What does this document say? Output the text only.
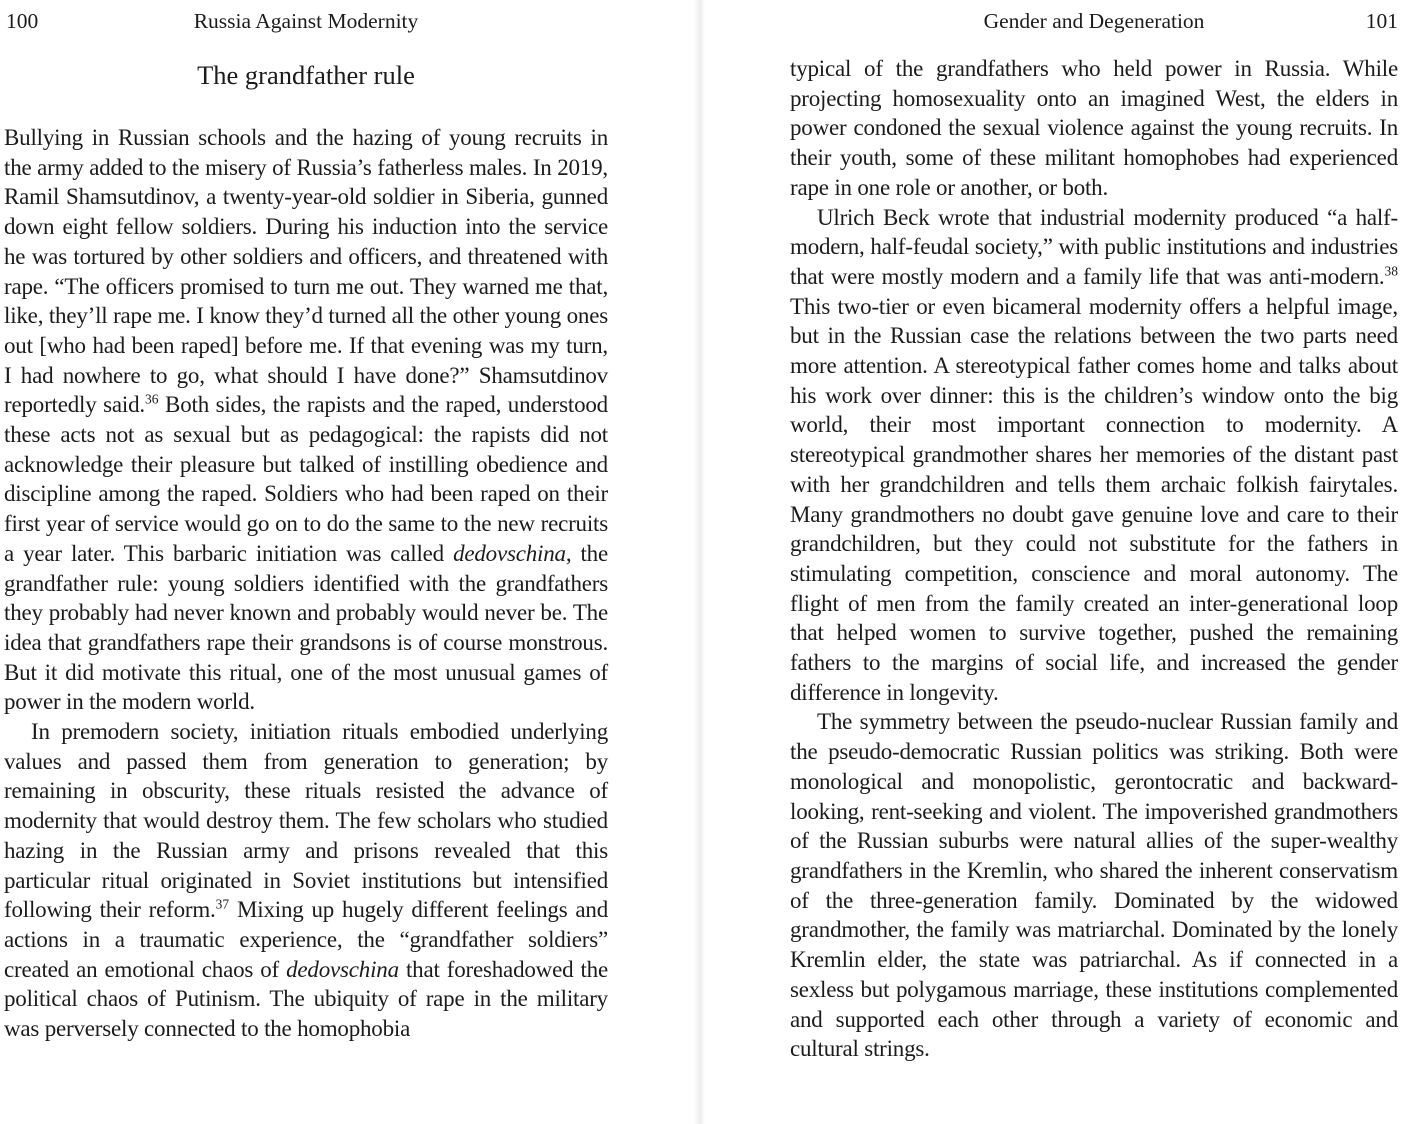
100	Russia Against Modernity
The grandfather rule

Bullying in Russian schools and the hazing of young recruits in the army added to the misery of Russia’s fatherless males. In 2019, Ramil Shamsutdinov, a twenty-year-old soldier in Siberia, gunned down eight fellow soldiers. During his induction into the service he was tortured by other soldiers and officers, and threatened with rape. “The officers promised to turn me out. They warned me that, like, they’ll rape me. I know they’d turned all the other young ones out [who had been raped] before me. If that evening was my turn, I had nowhere to go, what should I have done?” Shamsutdinov reportedly said.$^{36}$ Both sides, the rapists and the raped, understood these acts not as sexual but as pedagogical: the rapists did not acknowledge their pleasure but talked of instilling obedience and discipline among the raped. Soldiers who had been raped on their first year of service would go on to do the same to the new recruits a year later. This barbaric initiation was called dedovschina, the grandfather rule: young soldiers identified with the grandfathers they probably had never known and probably would never be. The idea that grandfathers rape their grandsons is of course monstrous. But it did motivate this ritual, one of the most unusual games of power in the modern world.

In premodern society, initiation rituals embodied underlying values and passed them from generation to generation; by remaining in obscurity, these rituals resisted the advance of modernity that would destroy them. The few scholars who studied hazing in the Russian army and prisons revealed that this particular ritual originated in Soviet institutions but intensified following their reform.$^{37}$ Mixing up hugely different feelings and actions in a traumatic experience, the “grandfather soldiers” created an emotional chaos of dedovschina that foreshadowed the political chaos of Putinism. The ubiquity of rape in the military was perversely connected to the homophobia

Gender and Degeneration	101

typical of the grandfathers who held power in Russia. While projecting homosexuality onto an imagined West, the elders in power condoned the sexual violence against the young recruits. In their youth, some of these militant homophobes had experienced rape in one role or another, or both.

Ulrich Beck wrote that industrial modernity produced “a half-modern, half-feudal society,” with public institutions and industries that were mostly modern and a family life that was anti-modern.$^{38}$ This two-tier or even bicameral modernity offers a helpful image, but in the Russian case the relations between the two parts need more attention. A stereotypical father comes home and talks about his work over dinner: this is the children’s window onto the big world, their most important connection to modernity. A stereotypical grandmother shares her memories of the distant past with her grandchildren and tells them archaic folkish fairytales. Many grandmothers no doubt gave genuine love and care to their grandchildren, but they could not substitute for the fathers in stimulating competition, conscience and moral autonomy. The flight of men from the family created an inter-generational loop that helped women to survive together, pushed the remaining fathers to the margins of social life, and increased the gender difference in longevity.

The symmetry between the pseudo-nuclear Russian family and the pseudo-democratic Russian politics was striking. Both were monological and monopolistic, gerontocratic and backward-looking, rent-seeking and violent. The impoverished grandmothers of the Russian suburbs were natural allies of the super-wealthy grandfathers in the Kremlin, who shared the inherent conservatism of the three-generation family. Dominated by the widowed grandmother, the family was matriarchal. Dominated by the lonely Kremlin elder, the state was patriarchal. As if connected in a sexless but polygamous marriage, these institutions complemented and supported each other through a variety of economic and cultural strings.
